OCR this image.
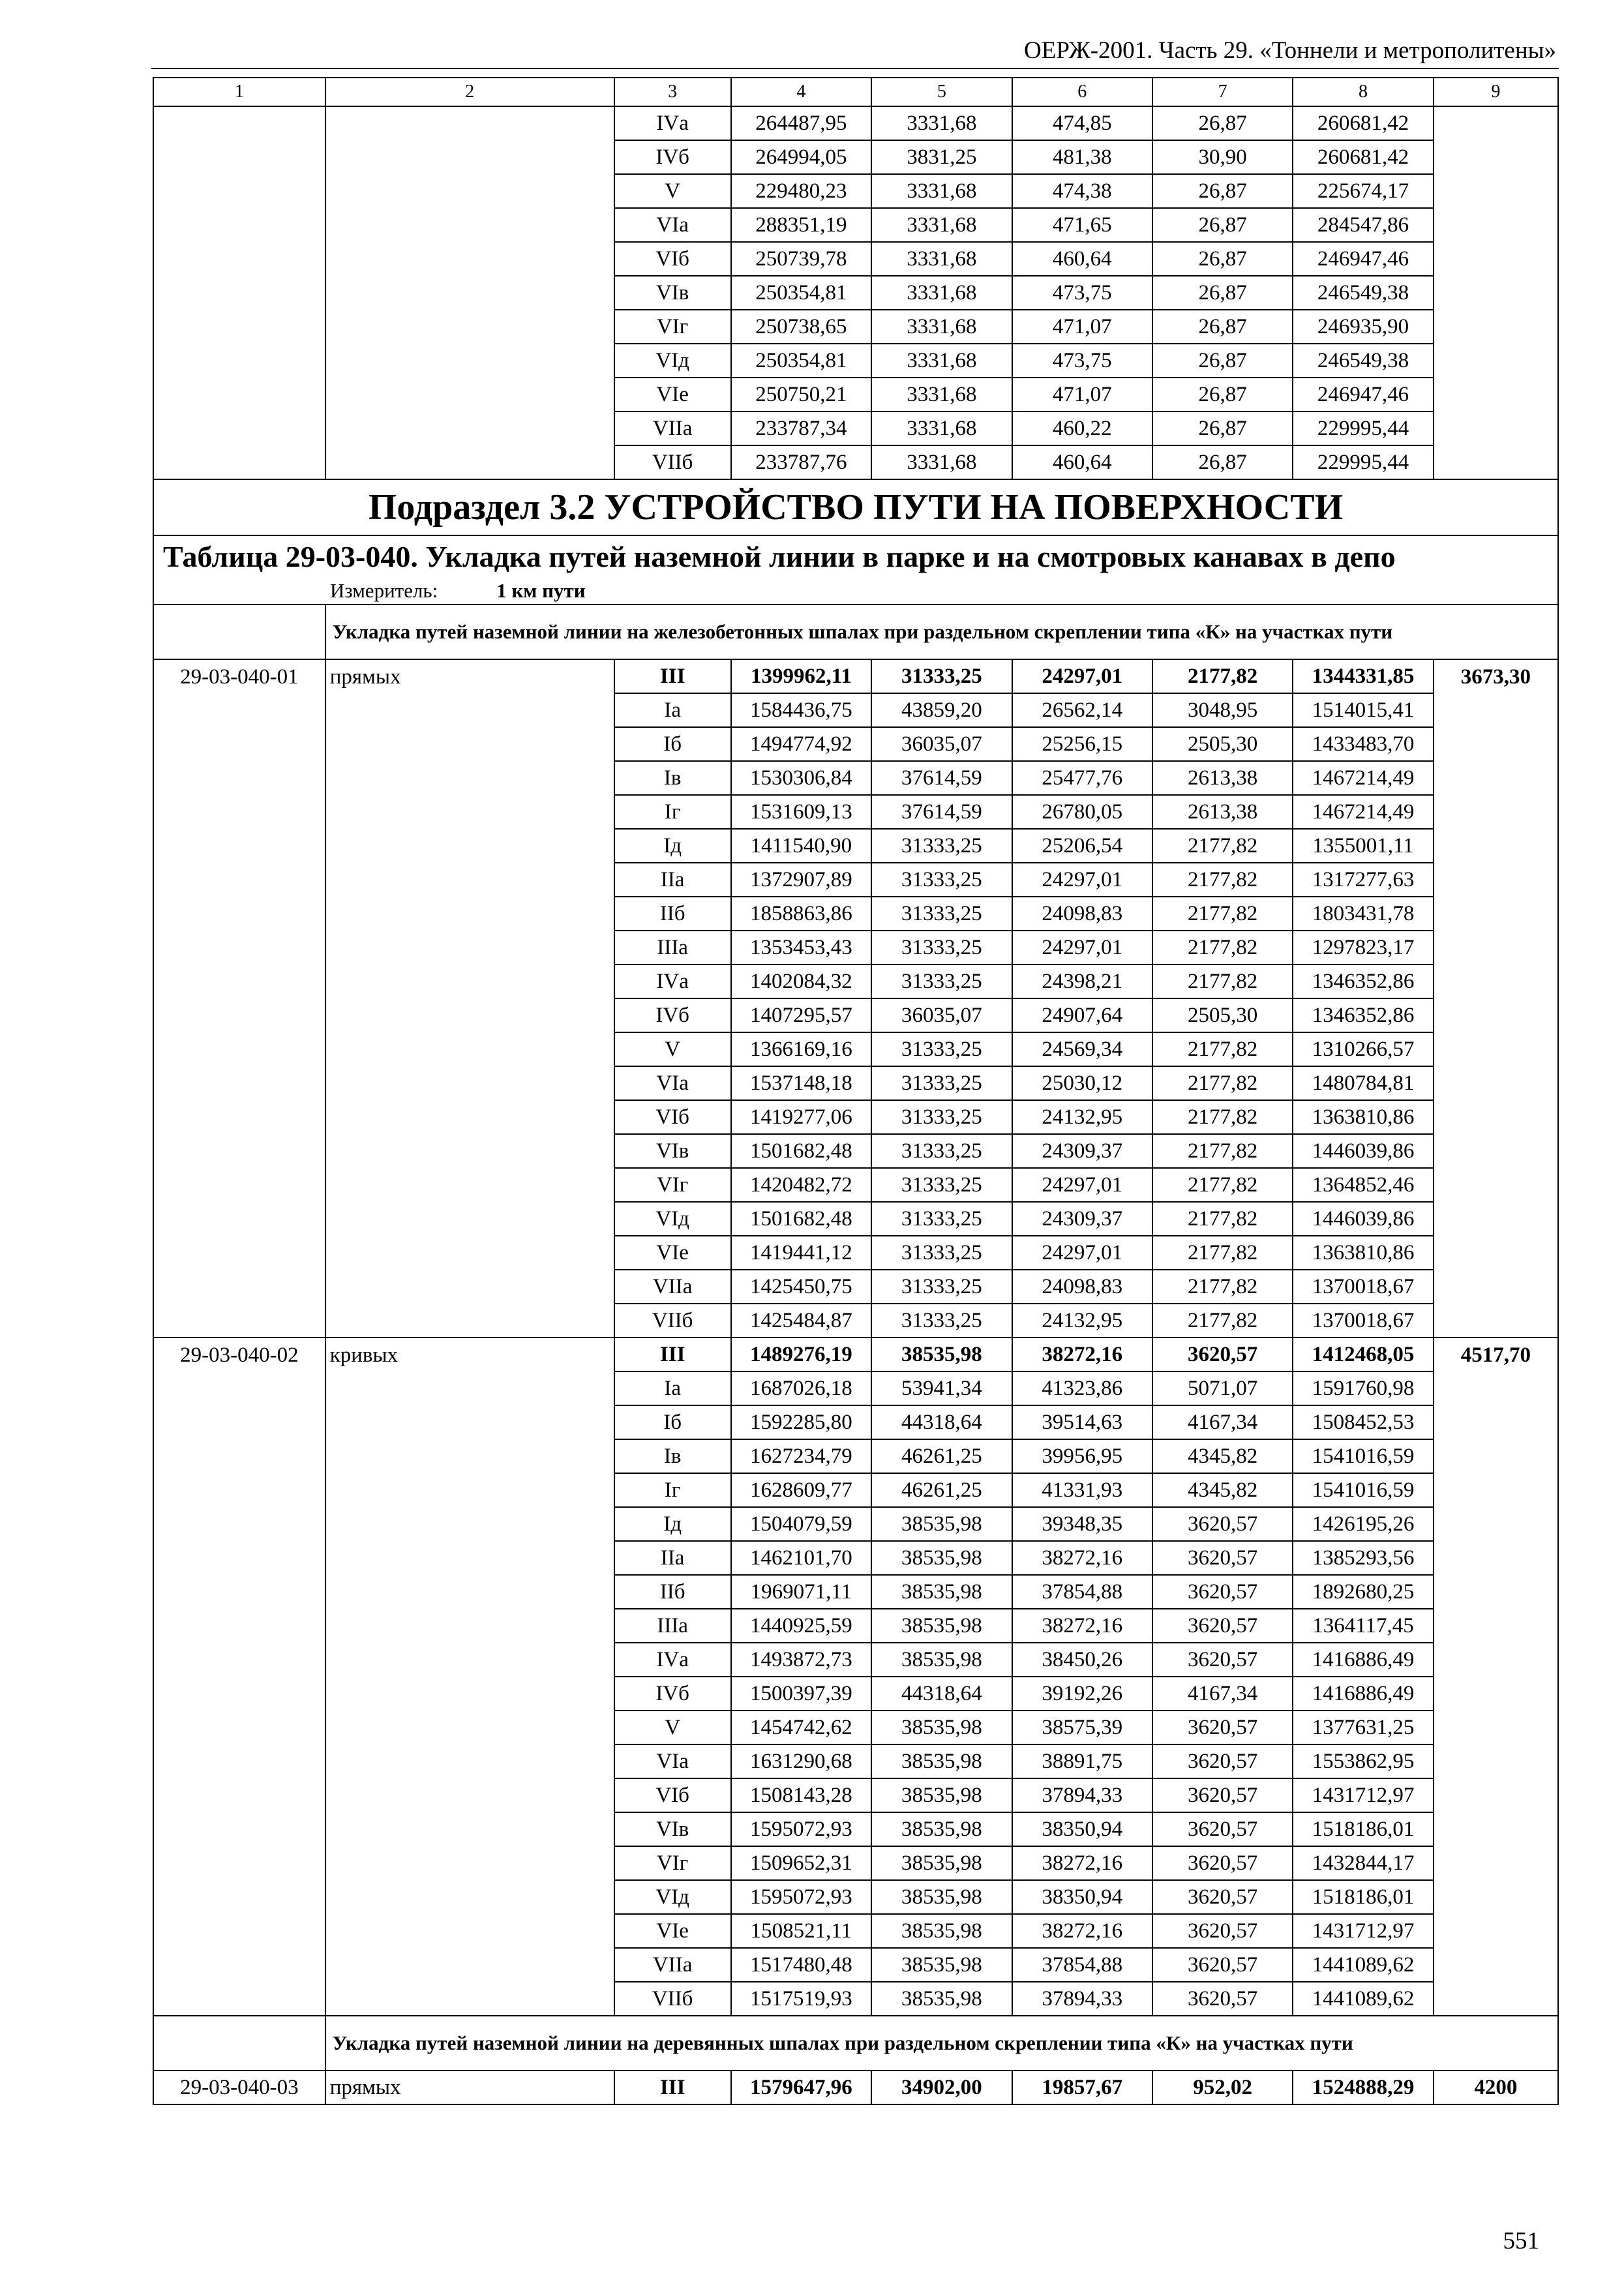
ОЕРЖ-2001. Часть 29. «Тоннели и метрополитены»
1	2	3	4	5	6	7	8	9
		IVа	264487,95	3331,68	474,85	26,87	260681,42	
		IVб	264994,05	3831,25	481,38	30,90	260681,42	
		V	229480,23	3331,68	474,38	26,87	225674,17	
		VIа	288351,19	3331,68	471,65	26,87	284547,86	
		VIб	250739,78	3331,68	460,64	26,87	246947,46	
		VIв	250354,81	3331,68	473,75	26,87	246549,38	
		VIг	250738,65	3331,68	471,07	26,87	246935,90	
		VIд	250354,81	3331,68	473,75	26,87	246549,38	
		VIе	250750,21	3331,68	471,07	26,87	246947,46	
		VIIа	233787,34	3331,68	460,22	26,87	229995,44	
		VIIб	233787,76	3331,68	460,64	26,87	229995,44	
Подраздел 3.2 УСТРОЙСТВО ПУТИ НА ПОВЕРХНОСТИ								
Таблица 29-03-040. Укладка путей наземной линии в парке и на смотровых канавах в депо								
Измеритель: 1 км пути								
	Укладка путей наземной линии на железобетонных шпалах при раздельном скреплении типа «К» на участках пути							
29-03-040-01	прямых	III	1399962,11	31333,25	24297,01	2177,82	1344331,85	3673,30
		Iа	1584436,75	43859,20	26562,14	3048,95	1514015,41	
		Iб	1494774,92	36035,07	25256,15	2505,30	1433483,70	
		Iв	1530306,84	37614,59	25477,76	2613,38	1467214,49	
		Iг	1531609,13	37614,59	26780,05	2613,38	1467214,49	
		Iд	1411540,90	31333,25	25206,54	2177,82	1355001,11	
		IIа	1372907,89	31333,25	24297,01	2177,82	1317277,63	
		IIб	1858863,86	31333,25	24098,83	2177,82	1803431,78	
		IIIа	1353453,43	31333,25	24297,01	2177,82	1297823,17	
		IVа	1402084,32	31333,25	24398,21	2177,82	1346352,86	
		IVб	1407295,57	36035,07	24907,64	2505,30	1346352,86	
		V	1366169,16	31333,25	24569,34	2177,82	1310266,57	
		VIа	1537148,18	31333,25	25030,12	2177,82	1480784,81	
		VIб	1419277,06	31333,25	24132,95	2177,82	1363810,86	
		VIв	1501682,48	31333,25	24309,37	2177,82	1446039,86	
		VIг	1420482,72	31333,25	24297,01	2177,82	1364852,46	
		VIд	1501682,48	31333,25	24309,37	2177,82	1446039,86	
		VIе	1419441,12	31333,25	24297,01	2177,82	1363810,86	
		VIIа	1425450,75	31333,25	24098,83	2177,82	1370018,67	
		VIIб	1425484,87	31333,25	24132,95	2177,82	1370018,67	
29-03-040-02	кривых	III	1489276,19	38535,98	38272,16	3620,57	1412468,05	4517,70
		Iа	1687026,18	53941,34	41323,86	5071,07	1591760,98	
		Iб	1592285,80	44318,64	39514,63	4167,34	1508452,53	
		Iв	1627234,79	46261,25	39956,95	4345,82	1541016,59	
		Iг	1628609,77	46261,25	41331,93	4345,82	1541016,59	
		Iд	1504079,59	38535,98	39348,35	3620,57	1426195,26	
		IIа	1462101,70	38535,98	38272,16	3620,57	1385293,56	
		IIб	1969071,11	38535,98	37854,88	3620,57	1892680,25	
		IIIа	1440925,59	38535,98	38272,16	3620,57	1364117,45	
		IVа	1493872,73	38535,98	38450,26	3620,57	1416886,49	
		IVб	1500397,39	44318,64	39192,26	4167,34	1416886,49	
		V	1454742,62	38535,98	38575,39	3620,57	1377631,25	
		VIа	1631290,68	38535,98	38891,75	3620,57	1553862,95	
		VIб	1508143,28	38535,98	37894,33	3620,57	1431712,97	
		VIв	1595072,93	38535,98	38350,94	3620,57	1518186,01	
		VIг	1509652,31	38535,98	38272,16	3620,57	1432844,17	
		VIд	1595072,93	38535,98	38350,94	3620,57	1518186,01	
		VIе	1508521,11	38535,98	38272,16	3620,57	1431712,97	
		VIIа	1517480,48	38535,98	37854,88	3620,57	1441089,62	
		VIIб	1517519,93	38535,98	37894,33	3620,57	1441089,62	
	Укладка путей наземной линии на деревянных шпалах при раздельном скреплении типа «К» на участках пути							
29-03-040-03	прямых	III	1579647,96	34902,00	19857,67	952,02	1524888,29	4200
551
